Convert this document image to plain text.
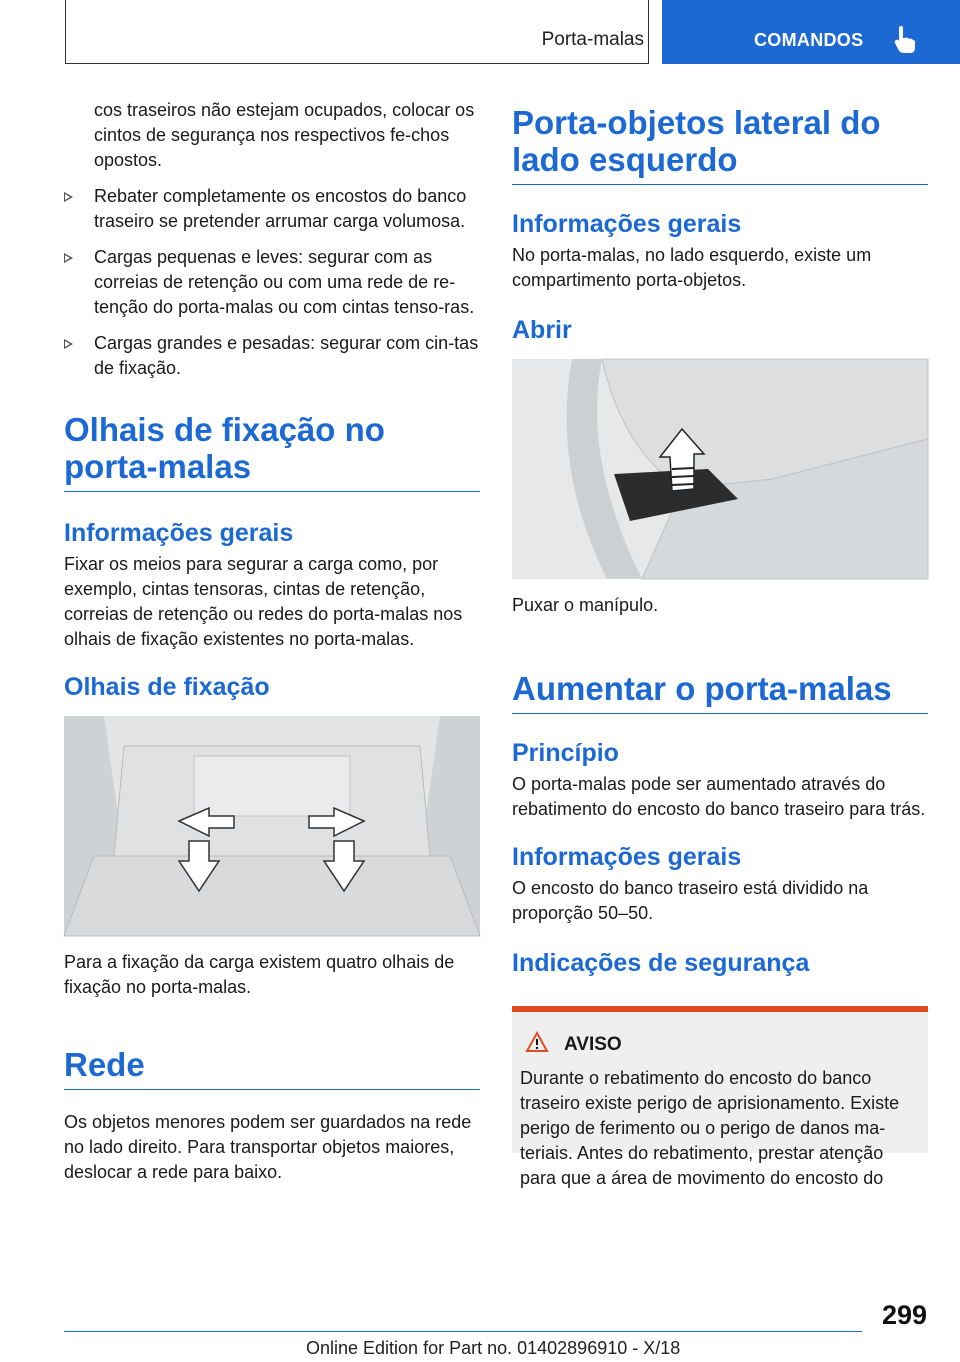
Porta-malas	COMANDOS

cos traseiros não estejam ocupados, colocar os cintos de segurança nos respectivos fe-chos opostos.

Rebater completamente os encostos do banco traseiro se pretender arrumar carga volumosa.
Cargas pequenas e leves: segurar com as correias de retenção ou com uma rede de re-tenção do porta-malas ou com cintas tenso-ras.
Cargas grandes e pesadas: segurar com cin-tas de fixação.
Olhais de fixação no porta-malas
Informações gerais

Fixar os meios para segurar a carga como, por exemplo, cintas tensoras, cintas de retenção, correias de retenção ou redes do porta-malas nos olhais de fixação existentes no porta-malas.

Olhais de fixação

Para a fixação da carga existem quatro olhais de fixação no porta-malas.

Rede

Os objetos menores podem ser guardados na rede no lado direito. Para transportar objetos maiores, deslocar a rede para baixo.

Porta-objetos lateral do lado esquerdo
Informações gerais

No porta-malas, no lado esquerdo, existe um compartimento porta-objetos.

Abrir

Puxar o manípulo.

Aumentar o porta-malas
Princípio

O porta-malas pode ser aumentado através do rebatimento do encosto do banco traseiro para trás.

Informações gerais

O encosto do banco traseiro está dividido na proporção 50–50.

Indicações de segurança
AVISO

Durante o rebatimento do encosto do banco traseiro existe perigo de aprisionamento. Existe perigo de ferimento ou o perigo de danos ma-teriais. Antes do rebatimento, prestar atenção para que a área de movimento do encosto do

299
Online Edition for Part no. 01402896910 - X/18
